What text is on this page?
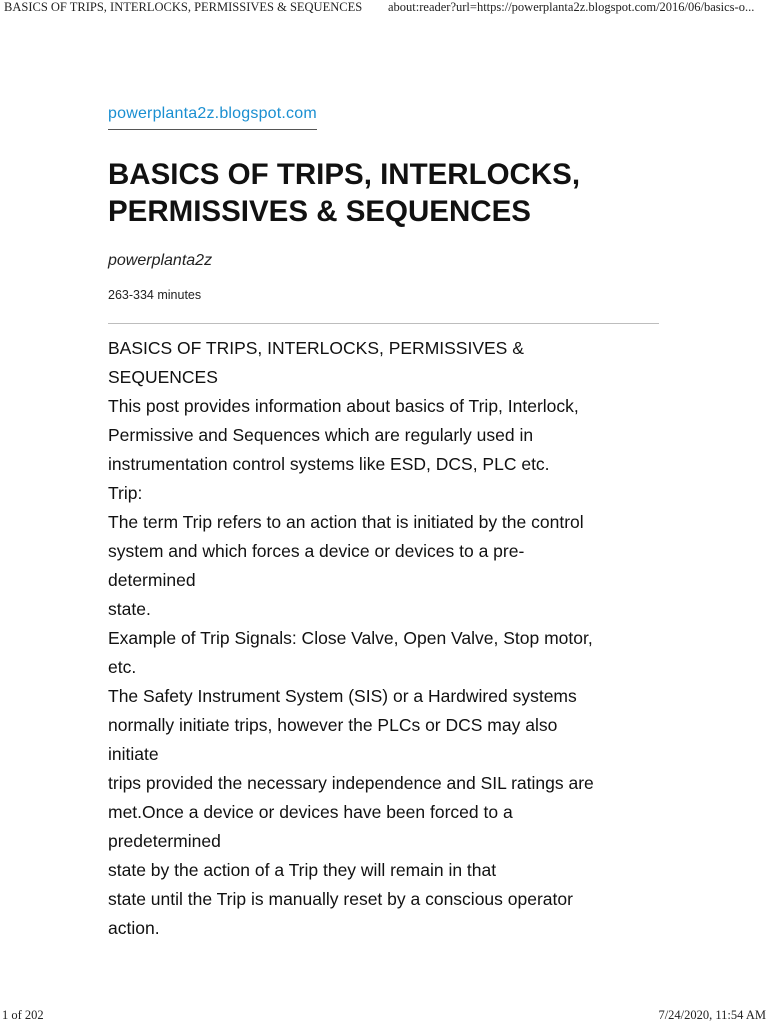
BASICS OF TRIPS, INTERLOCKS, PERMISSIVES & SEQUENCES about:reader?url=https://powerplanta2z.blogspot.com/2016/06/basics-o...
powerplanta2z.blogspot.com
BASICS OF TRIPS, INTERLOCKS,
PERMISSIVES & SEQUENCES
powerplanta2z
263-334 minutes
BASICS OF TRIPS, INTERLOCKS, PERMISSIVES &
SEQUENCES
This post provides information about basics of Trip, Interlock,
Permissive and Sequences which are regularly used in
instrumentation control systems like ESD, DCS, PLC etc.
Trip:
The term Trip refers to an action that is initiated by the control
system and which forces a device or devices to a pre-
determined
state.
Example of Trip Signals: Close Valve, Open Valve, Stop motor,
etc.
The Safety Instrument System (SIS) or a Hardwired systems
normally initiate trips, however the PLCs or DCS may also
initiate
trips provided the necessary independence and SIL ratings are
met.Once a device or devices have been forced to a
predetermined
state by the action of a Trip they will remain in that
state until the Trip is manually reset by a conscious operator
action.
1 of 202	7/24/2020, 11:54 AM
